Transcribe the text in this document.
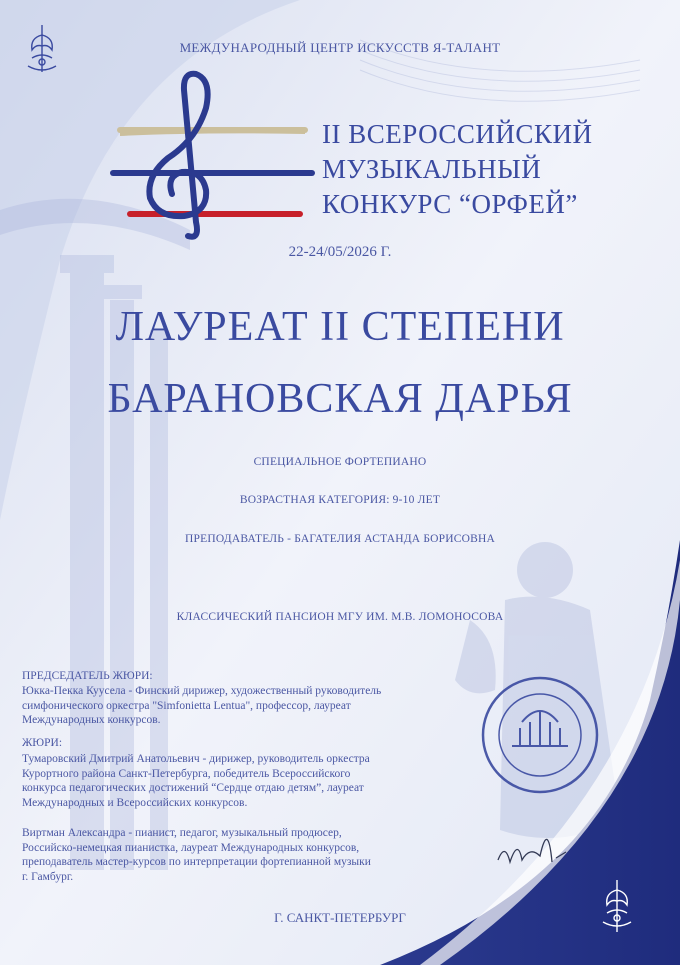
МЕЖДУНАРОДНЫЙ ЦЕНТР ИСКУССТВ Я-ТАЛАНТ
II ВСЕРОССИЙСКИЙ
МУЗЫКАЛЬНЫЙ
КОНКУРС “ОРФЕЙ”
22-24/05/2026 Г.
ЛАУРЕАТ II СТЕПЕНИ
БАРАНОВСКАЯ ДАРЬЯ
СПЕЦИАЛЬНОЕ ФОРТЕПИАНО
ВОЗРАСТНАЯ КАТЕГОРИЯ: 9-10 ЛЕТ
ПРЕПОДАВАТЕЛЬ - БАГАТЕЛИЯ АСТАНДА БОРИСОВНА
КЛАССИЧЕСКИЙ ПАНСИОН МГУ ИМ. М.В. ЛОМОНОСОВА
ПРЕДСЕДАТЕЛЬ ЖЮРИ:
Юкка-Пекка Куусела - Финский дирижер, художественный руководитель
симфонического оркестра "Simfonietta Lentua", профессор, лауреат
Международных конкурсов.
ЖЮРИ:
Тумаровский Дмитрий Анатольевич - дирижер, руководитель оркестра
Курортного района Санкт-Петербурга, победитель Всероссийского
конкурса педагогических достижений “Сердце отдаю детям”, лауреат
Международных и Всероссийских конкурсов.
Виртман Александра - пианист, педагог, музыкальный продюсер,
Российско-немецкая пианистка, лауреат Международных конкурсов,
преподаватель мастер-курсов по интерпретации фортепианной музыки
г. Гамбург.
Г. САНКТ-ПЕТЕРБУРГ
